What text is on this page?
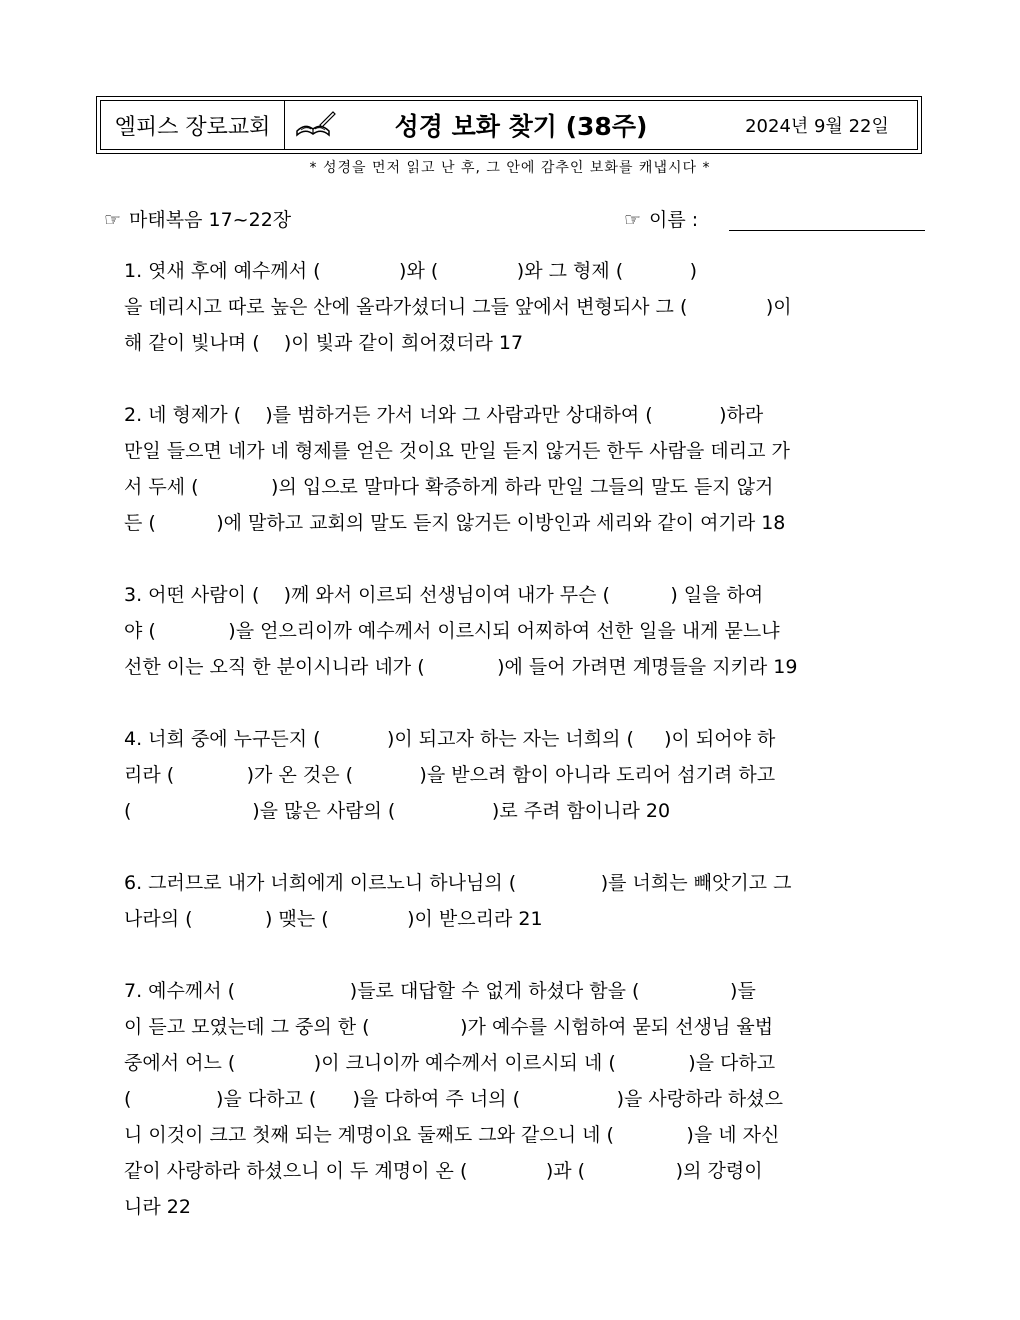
엘피스 장로교회	성경 보화 찾기 (38주)	2024년 9월 22일
* 성경을 먼저 읽고 난 후, 그 안에 감추인 보화를 캐냅시다 *
☞ 마태복음 17~22장	☞ 이름 :
1. 엿새 후에 예수께서 (             )와 (             )와 그 형제 (           )
을 데리시고 따로 높은 산에 올라가셨더니 그들 앞에서 변형되사 그 (             )이
해 같이 빛나며 (    )이 빛과 같이 희어졌더라 17
2. 네 형제가 (    )를 범하거든 가서 너와 그 사람과만 상대하여 (           )하라
만일 들으면 네가 네 형제를 얻은 것이요 만일 듣지 않거든 한두 사람을 데리고 가
서 두세 (            )의 입으로 말마다 확증하게 하라 만일 그들의 말도 듣지 않거
든 (          )에 말하고 교회의 말도 듣지 않거든 이방인과 세리와 같이 여기라 18
3. 어떤 사람이 (    )께 와서 이르되 선생님이여 내가 무슨 (          ) 일을 하여
야 (            )을 얻으리이까 예수께서 이르시되 어찌하여 선한 일을 내게 묻느냐
선한 이는 오직 한 분이시니라 네가 (            )에 들어 가려면 계명들을 지키라 19
4. 너희 중에 누구든지 (           )이 되고자 하는 자는 너희의 (     )이 되어야 하
리라 (            )가 온 것은 (           )을 받으려 함이 아니라 도리어 섬기려 하고
(                    )을 많은 사람의 (                )로 주려 함이니라 20
6. 그러므로 내가 너희에게 이르노니 하나님의 (              )를 너희는 빼앗기고 그
나라의 (            ) 맺는 (             )이 받으리라 21
7. 예수께서 (                   )들로 대답할 수 없게 하셨다 함을 (               )들
이 듣고 모였는데 그 중의 한 (               )가 예수를 시험하여 묻되 선생님 율법
중에서 어느 (             )이 크니이까 예수께서 이르시되 네 (            )을 다하고
(              )을 다하고 (      )을 다하여 주 너의 (                )을 사랑하라 하셨으
니 이것이 크고 첫째 되는 계명이요 둘째도 그와 같으니 네 (            )을 네 자신
같이 사랑하라 하셨으니 이 두 계명이 온 (             )과 (               )의 강령이
니라 22
